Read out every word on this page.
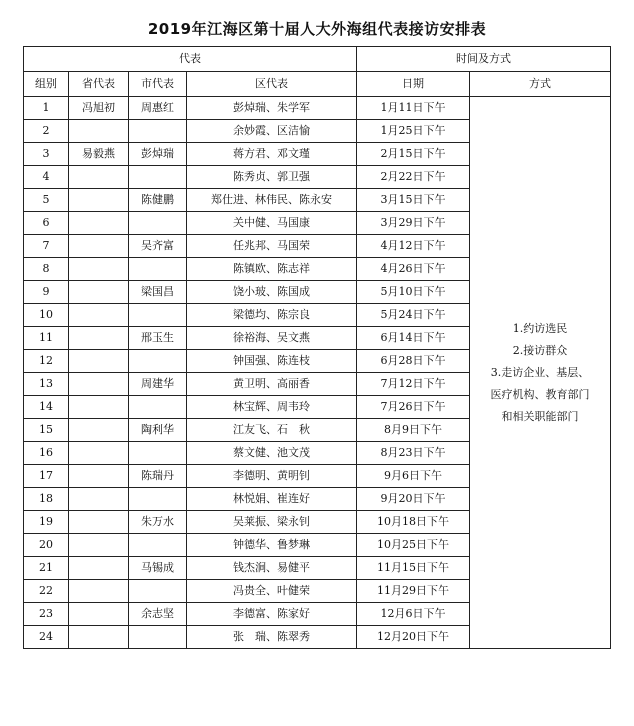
2019年江海区第十届人大外海组代表接访安排表
代表				时间及方式	
组别	省代表	市代表	区代表	日期	方式
1	冯旭初	周惠红	彭焯瑞、朱学军	1月11日下午	1.约访选民
2.接访群众
3.走访企业、基层、
医疗机构、教育部门
和相关职能部门

2			余妙霞、区洁愉	1月25日下午	
3	易毅燕	彭焯瑞	蒋方君、邓文瑾	2月15日下午	
4			陈秀贞、郭卫强	2月22日下午	
5		陈健鹏	郑仕进、林伟民、陈永安	3月15日下午	
6			关中健、马国康	3月29日下午	
7		吴齐富	任兆邦、马国荣	4月12日下午	
8			陈镇欧、陈志祥	4月26日下午	
9		梁国昌	饶小玻、陈国成	5月10日下午	
10			梁德均、陈宗良	5月24日下午	
11		邢玉生	徐裕海、吴文燕	6月14日下午	
12			钟国强、陈连枝	6月28日下午	
13		周建华	黄卫明、高丽香	7月12日下午	
14			林宝辉、周韦玲	7月26日下午	
15		陶利华	江友飞、石　秋	8月9日下午	
16			蔡文健、池文茂	8月23日下午	
17		陈瑞丹	李德明、黄明钊	9月6日下午	
18			林悦娟、崔连好	9月20日下午	
19		朱万水	吴莱振、梁永钊	10月18日下午	
20			钟德华、鲁梦琳	10月25日下午	
21		马锡成	钱杰涧、易健平	11月15日下午	
22			冯贵全、叶健荣	11月29日下午	
23		余志坚	李德富、陈家好	12月6日下午	
24			张　瑞、陈翠秀	12月20日下午	
